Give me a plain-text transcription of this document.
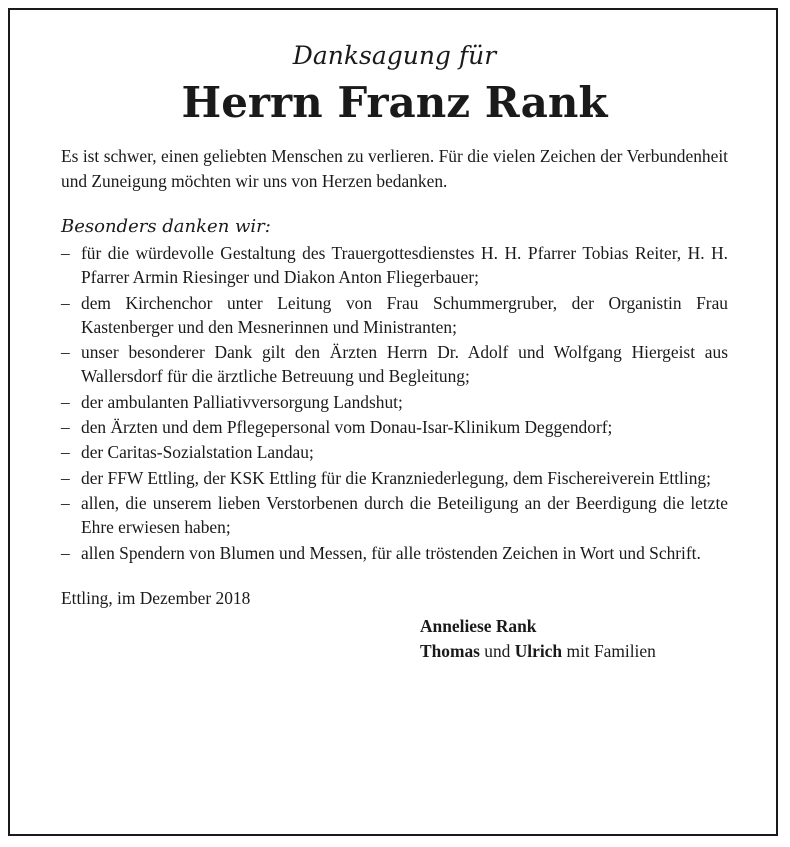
Danksagung für

Herrn Franz Rank

Es ist schwer, einen geliebten Menschen zu verlieren. Für die vielen Zeichen der Verbundenheit und Zuneigung möchten wir uns von Herzen bedanken.

Besonders danken wir:

– für die würdevolle Gestaltung des Trauergottesdienstes H. H. Pfarrer Tobias Reiter, H. H. Pfarrer Armin Riesinger und Diakon Anton Fliegerbauer;
– dem Kirchenchor unter Leitung von Frau Schummergruber, der Organistin Frau Kastenberger und den Mesnerinnen und Ministranten;
– unser besonderer Dank gilt den Ärzten Herrn Dr. Adolf und Wolfgang Hiergeist aus Wallersdorf für die ärztliche Betreuung und Begleitung;
– der ambulanten Palliativversorgung Landshut;
– den Ärzten und dem Pflegepersonal vom Donau-Isar-Klinikum Deggendorf;
– der Caritas-Sozialstation Landau;
– der FFW Ettling, der KSK Ettling für die Kranzniederlegung, dem Fischereiverein Ettling;
– allen, die unserem lieben Verstorbenen durch die Beteiligung an der Beerdigung die letzte Ehre erwiesen haben;
– allen Spendern von Blumen und Messen, für alle tröstenden Zeichen in Wort und Schrift.

Ettling, im Dezember 2018

Anneliese Rank
Thomas und Ulrich mit Familien
